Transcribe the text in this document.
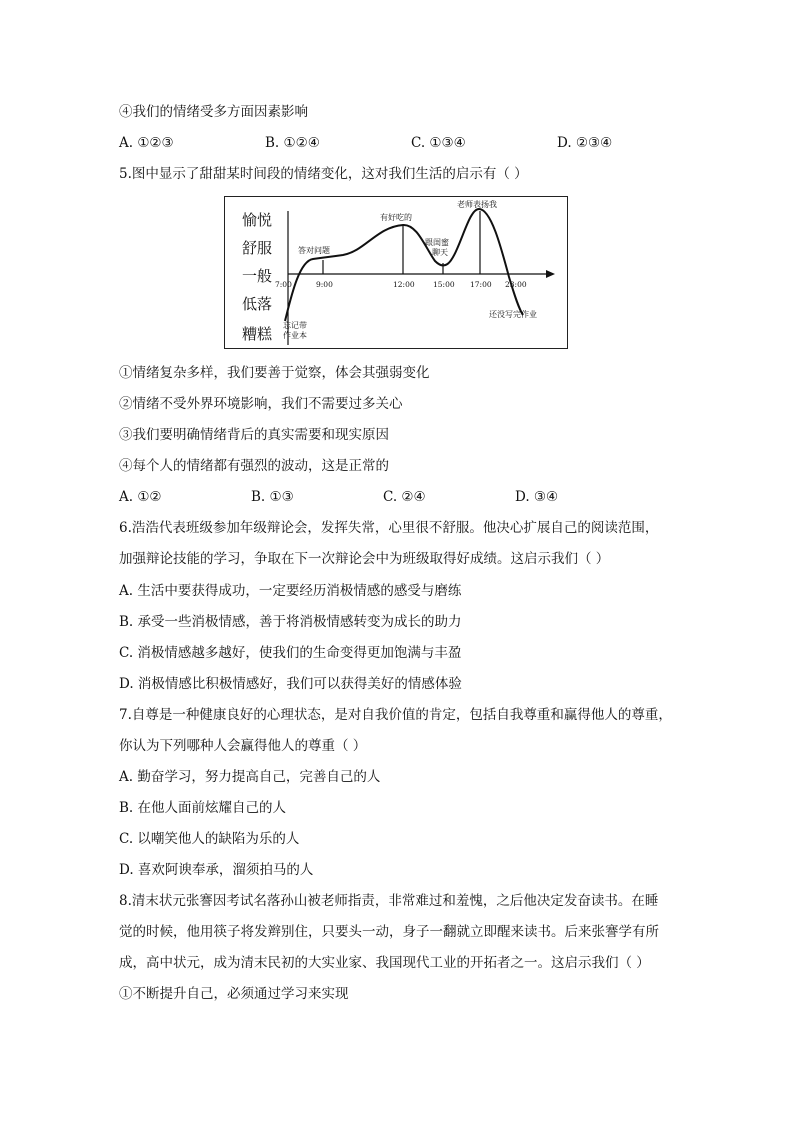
④我们的情绪受多方面因素影响
A. ①②③	B. ①②④	C. ①③④	D. ②③④
5.图中显示了甜甜某时间段的情绪变化，这对我们生活的启示有（ ）
愉悦
舒服
一般
低落
糟糕
7:00	9:00	12:00 15:00 17:00 23:00
忘记带
作业本
答对问题
有好吃的
跟闺蜜
聊天
老师表扬我
还没写完作业
①情绪复杂多样，我们要善于觉察，体会其强弱变化
②情绪不受外界环境影响，我们不需要过多关心
③我们要明确情绪背后的真实需要和现实原因
④每个人的情绪都有强烈的波动，这是正常的
A. ①②	B. ①③	C. ②④	D. ③④
6.浩浩代表班级参加年级辩论会，发挥失常，心里很不舒服。他决心扩展自己的阅读范围，
加强辩论技能的学习，争取在下一次辩论会中为班级取得好成绩。这启示我们（ ）
A. 生活中要获得成功，一定要经历消极情感的感受与磨练
B. 承受一些消极情感，善于将消极情感转变为成长的助力
C. 消极情感越多越好，使我们的生命变得更加饱满与丰盈
D. 消极情感比积极情感好，我们可以获得美好的情感体验
7.自尊是一种健康良好的心理状态，是对自我价值的肯定，包括自我尊重和赢得他人的尊重，
你认为下列哪种人会赢得他人的尊重（ ）
A. 勤奋学习，努力提高自己，完善自己的人
B. 在他人面前炫耀自己的人
C. 以嘲笑他人的缺陷为乐的人
D. 喜欢阿谀奉承，溜须拍马的人
8.清末状元张謇因考试名落孙山被老师指责，非常难过和羞愧，之后他决定发奋读书。在睡
觉的时候，他用筷子将发辫别住，只要头一动，身子一翻就立即醒来读书。后来张謇学有所
成，高中状元，成为清末民初的大实业家、我国现代工业的开拓者之一。这启示我们（ ）
①不断提升自己，必须通过学习来实现
